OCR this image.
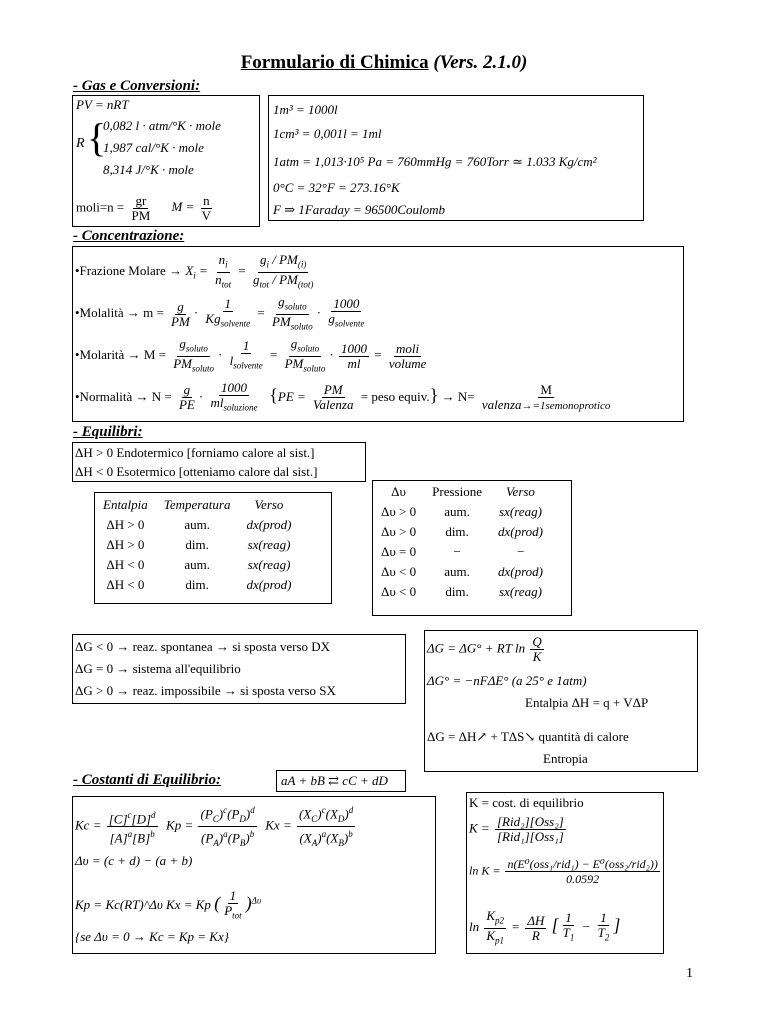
Formulario di Chimica (Vers. 2.1.0)
- Gas e Conversioni:
PV = nRT
R {
0,082 l · atm/°K · mole
1,987 cal/°K · mole
8,314 J/°K · mole
moli=n = $\frac{gr}{PM}$ $M = \frac{n}{V}$
1m³ = 1000l
1cm³ = 0,001l = 1ml
1atm = 1,013·10⁵ Pa = 760mmHg = 760Torr ≃ 1.033 Kg/cm²
0°C = 32°F = 273.16°K
F ⇒ 1Faraday = 96500Coulomb
- Concentrazione:
•Frazione Molare → $X_i = \frac{n_i}{n_{tot}} = \frac{g_i / PM_{(i)}}{g_{tot} / PM_{(tot)}}$
•Molalità → $m = \frac{g}{PM} \cdot \frac{1}{Kg_{solvente}} = \frac{g_{soluto}}{PM_{soluto}} \cdot \frac{1000}{g_{solvente}}$
•Molarità → $M = \frac{g_{soluto}}{PM_{soluto}} \cdot \frac{1}{l_{solvente}} = \frac{g_{soluto}}{PM_{soluto}} \cdot \frac{1000}{ml} = \frac{\text{moli}}{\text{volume}}$
•Normalità → $N = \frac{g}{PE} \cdot \frac{1000}{ml_{soluzione}} \{PE = \frac{PM}{\text{Valenza}}$ = peso equiv.} → $N= \frac{M}{\text{valenza→=1semonoprotico}}$
- Equilibri:
ΔH > 0 Endotermico [forniamo calore al sist.]
ΔH < 0 Esotermico [otteniamo calore dal sist.]
Entalpia	Temperatura	Verso
ΔH > 0	aum.	dx(prod)
ΔH > 0	dim.	sx(reag)
ΔH < 0	aum.	sx(reag)
ΔH < 0	dim.	dx(prod)
Δυ	Pressione	Verso
Δυ > 0	aum.	sx(reag)
Δυ > 0	dim.	dx(prod)
Δυ = 0	−	−
Δυ < 0	aum.	dx(prod)
Δυ < 0	dim.	sx(reag)
ΔG < 0 → reaz. spontanea → si sposta verso DX
ΔG = 0 → sistema all'equilibrio
ΔG > 0 → reaz. impossibile → si sposta verso SX
ΔG = ΔG° + RT $\ln \frac{Q}{K}$
ΔG° = −nFΔE° (a 25° e 1atm)
Entalpia ΔH = q + VΔP
ΔG = ΔH↗ + TΔS↘ quantità di calore
Entropia
- Costanti di Equilibrio:	aA + bB ⇄ cC + dD
$Kc = \frac{[C]^c[D]^d}{[A]^a[B]^b}$ $Kp = \frac{(P_C)^c(P_D)^d}{(P_A)^a(P_B)^b}$ $Kx = \frac{(X_C)^c(X_D)^d}{(X_A)^a(X_B)^b}$
Δυ = (c + d) − (a + b)
Kp = Kc(RT)^Δυ Kx = Kp ( $\frac{1}{P_{tot}} )^{\Delta\upsilon}$
{se Δυ = 0 → Kc = Kp = Kx}
K = cost. di equilibrio
$K = \frac{\text{[Rid₂][Oss₂]}}{\text{[Rid₁][Oss₁]}}$
$\ln K = \frac{\text{n(E⁰(oss₁/rid₁) − E⁰(oss₂/rid₂))}}{0.0592}$
$\ln \frac{K_{p2}}{K_{p1}} = \frac{\Delta H}{R}$ [ $\frac{1}{T_1} - \frac{1}{T_2}$ ]
1
